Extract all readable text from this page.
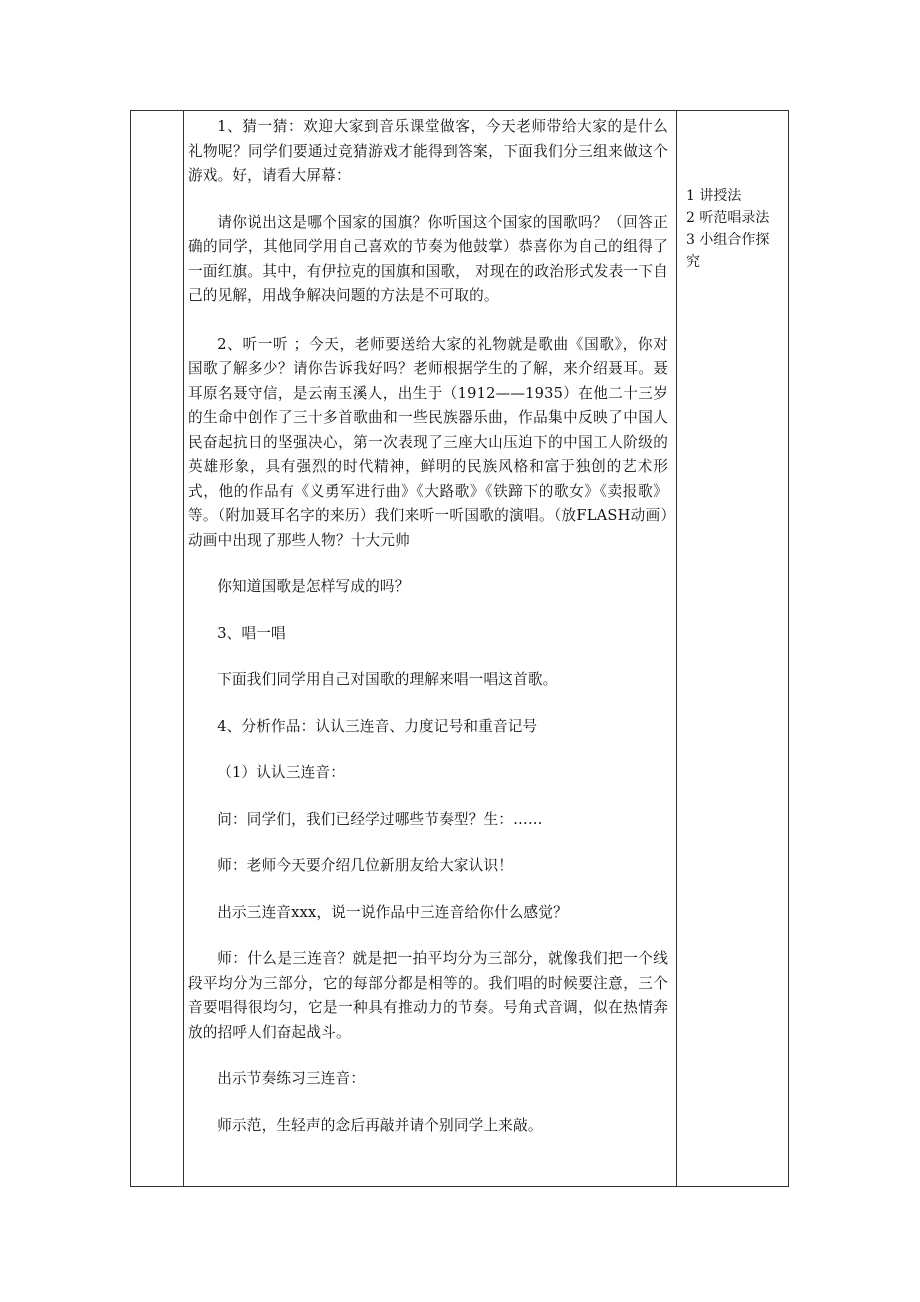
1、猜一猜：欢迎大家到音乐课堂做客，今天老师带给大家的是什么礼物呢？同学们要通过竞猜游戏才能得到答案，下面我们分三组来做这个游戏。好，请看大屏幕：

请你说出这是哪个国家的国旗？你听国这个国家的国歌吗？（回答正确的同学，其他同学用自己喜欢的节奏为他鼓掌）恭喜你为自己的组得了一面红旗。其中，有伊拉克的国旗和国歌， 对现在的政治形式发表一下自己的见解，用战争解决问题的方法是不可取的。

2、听一听 ；今天，老师要送给大家的礼物就是歌曲《国歌》，你对国歌了解多少？请你告诉我好吗？老师根据学生的了解，来介绍聂耳。聂耳原名聂守信，是云南玉溪人，出生于（1912——1935）在他二十三岁的生命中创作了三十多首歌曲和一些民族器乐曲，作品集中反映了中国人民奋起抗日的坚强决心，第一次表现了三座大山压迫下的中国工人阶级的英雄形象，具有强烈的时代精神，鲜明的民族风格和富于独创的艺术形式，他的作品有《义勇军进行曲》《大路歌》《铁蹄下的歌女》《卖报歌》等。（附加聂耳名字的来历）我们来听一听国歌的演唱。（放FLASH动画）动画中出现了那些人物？十大元帅

你知道国歌是怎样写成的吗？

3、唱一唱

下面我们同学用自己对国歌的理解来唱一唱这首歌。

4、分析作品：认认三连音、力度记号和重音记号

（1）认认三连音：

问：同学们，我们已经学过哪些节奏型？生：……

师：老师今天要介绍几位新朋友给大家认识！

出示三连音xxx，说一说作品中三连音给你什么感觉？

师：什么是三连音？就是把一拍平均分为三部分，就像我们把一个线段平均分为三部分，它的每部分都是相等的。我们唱的时候要注意，三个音要唱得很均匀，它是一种具有推动力的节奏。号角式音调，似在热情奔放的招呼人们奋起战斗。

出示节奏练习三连音：

师示范，生轻声的念后再敲并请个别同学上来敲。

1 讲授法
2 听范唱录法
3 小组合作探究
